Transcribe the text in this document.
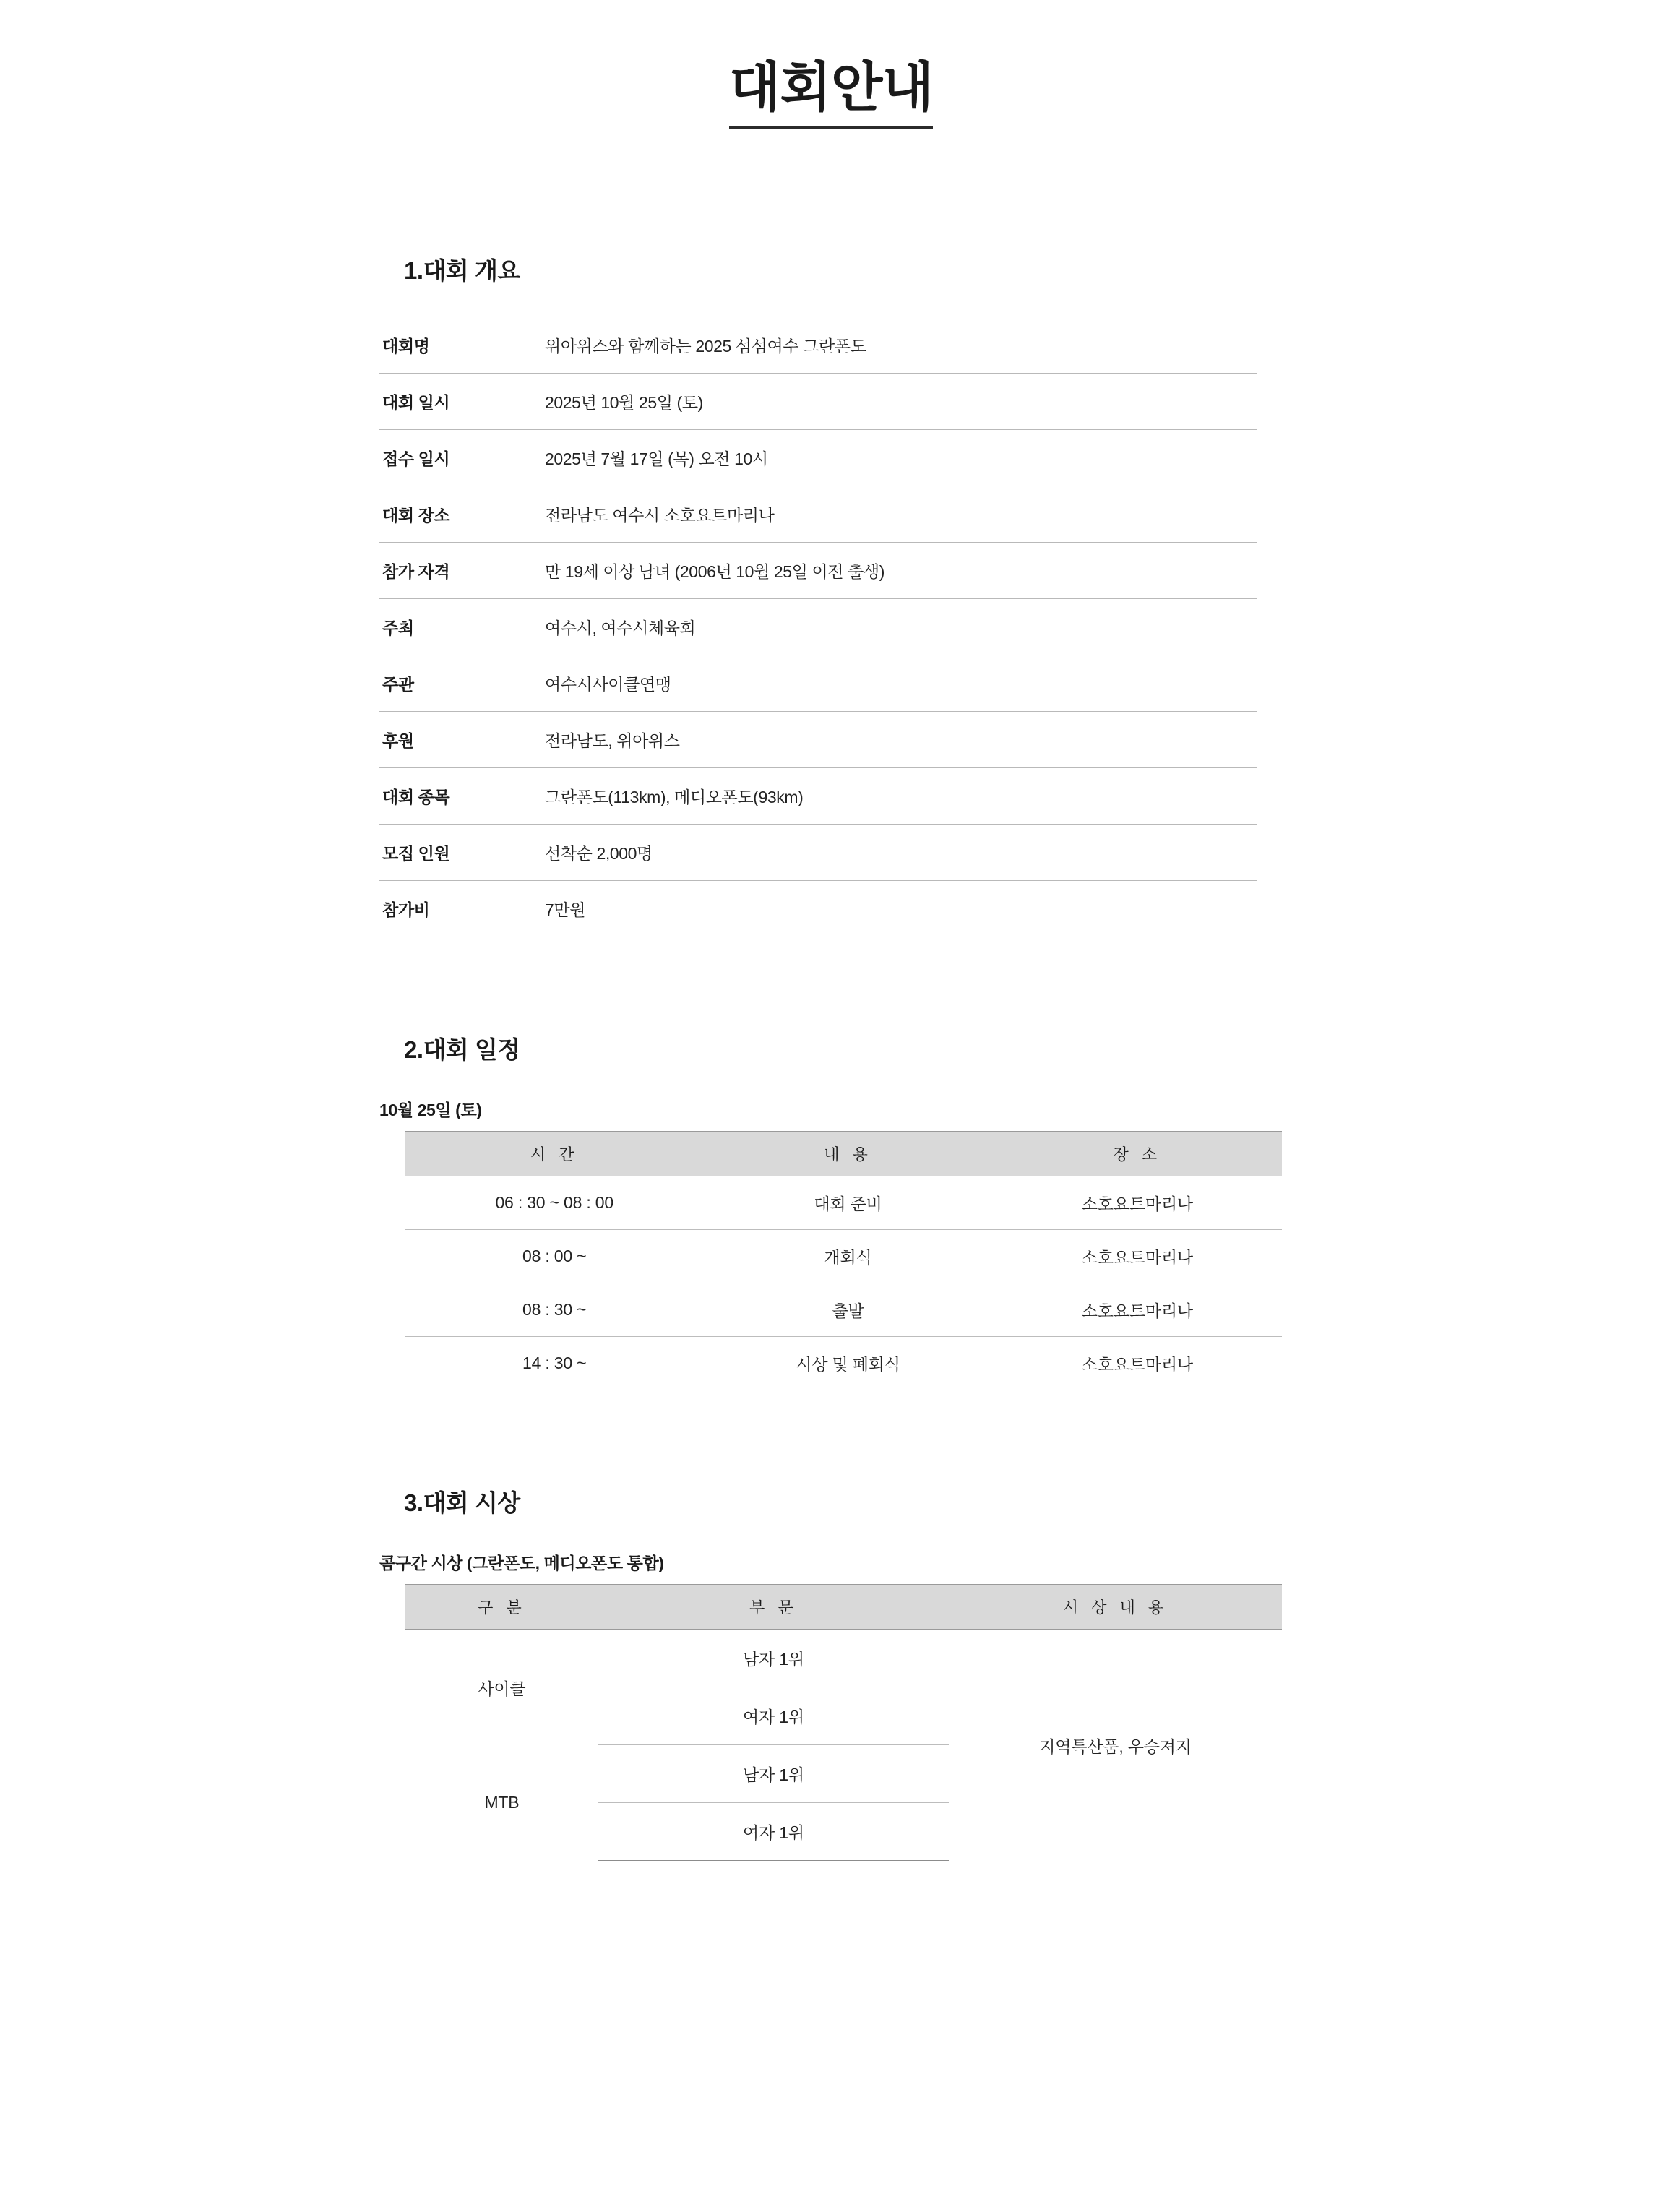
대회안내
1.대회 개요
대회명	위아위스와 함께하는 2025 섬섬여수 그란폰도
대회 일시	2025년 10월 25일 (토)
접수 일시	2025년 7월 17일 (목) 오전 10시
대회 장소	전라남도 여수시 소호요트마리나
참가 자격	만 19세 이상 남녀 (2006년 10월 25일 이전 출생)
주최	여수시, 여수시체육회
주관	여수시사이클연맹
후원	전라남도, 위아위스
대회 종목	그란폰도(113km), 메디오폰도(93km)
모집 인원	선착순 2,000명
참가비	7만원
2.대회 일정
10월 25일 (토)
시 간	내 용	장 소
06 : 30 ~ 08 : 00	대회 준비	소호요트마리나
08 : 00 ~	개회식	소호요트마리나
08 : 30 ~	출발	소호요트마리나
14 : 30 ~	시상 및 폐회식	소호요트마리나
3.대회 시상
콤구간 시상 (그란폰도, 메디오폰도 통합)
구 분	부 문	시 상 내 용
사이클	남자 1위	지역특산품, 우승져지
	여자 1위	
MTB	남자 1위	
	여자 1위	
